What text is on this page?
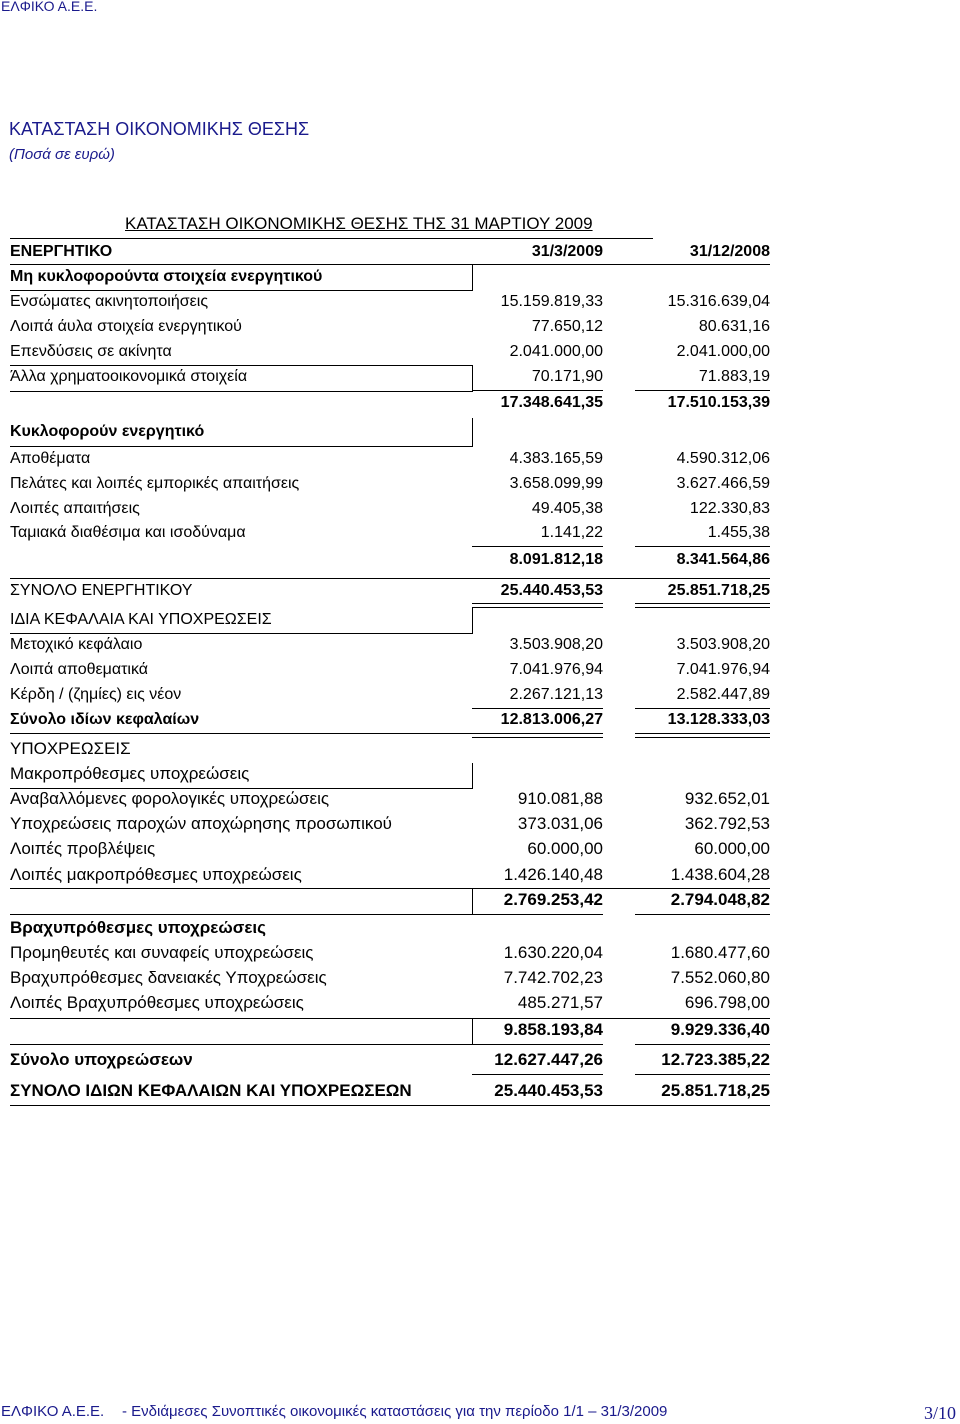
ΕΛΦΙΚΟ Α.Ε.Ε.
ΚΑΤΑΣΤΑΣΗ ΟΙΚΟΝΟΜΙΚΗΣ ΘΕΣΗΣ
(Ποσά σε ευρώ)
ΚΑΤΑΣΤΑΣΗ ΟΙΚΟΝΟΜΙΚΗΣ ΘΕΣΗΣ ΤΗΣ 31 ΜΑΡΤΙΟΥ 2009
ΕΝΕΡΓΗΤΙΚΟ	31/3/2009	31/12/2008
Μη κυκλοφορούντα στοιχεία ενεργητικού
Ενσώματες ακινητοποιήσεις	15.159.819,33	15.316.639,04
Λοιπά άυλα στοιχεία ενεργητικού	77.650,12	80.631,16
Επενδύσεις σε ακίνητα	2.041.000,00	2.041.000,00
Άλλα χρηματοοικονομικά στοιχεία	70.171,90	71.883,19
17.348.641,35	17.510.153,39
Κυκλοφορούν ενεργητικό
Αποθέματα	4.383.165,59	4.590.312,06
Πελάτες και λοιπές εμπορικές απαιτήσεις	3.658.099,99	3.627.466,59
Λοιπές απαιτήσεις	49.405,38	122.330,83
Ταμιακά διαθέσιμα και ισοδύναμα	1.141,22	1.455,38
8.091.812,18	8.341.564,86
ΣΥΝΟΛΟ ΕΝΕΡΓΗΤΙΚΟΥ	25.440.453,53	25.851.718,25
ΙΔΙΑ ΚΕΦΑΛΑΙΑ ΚΑΙ ΥΠΟΧΡΕΩΣΕΙΣ
Μετοχικό κεφάλαιο	3.503.908,20	3.503.908,20
Λοιπά αποθεματικά	7.041.976,94	7.041.976,94
Κέρδη / (ζημίες) εις νέον	2.267.121,13	2.582.447,89
Σύνολο ιδίων κεφαλαίων	12.813.006,27	13.128.333,03
ΥΠΟΧΡΕΩΣΕΙΣ
Μακροπρόθεσμες υποχρεώσεις
Αναβαλλόμενες φορολογικές υποχρεώσεις	910.081,88	932.652,01
Υποχρεώσεις παροχών αποχώρησης προσωπικού	373.031,06	362.792,53
Λοιπές προβλέψεις	60.000,00	60.000,00
Λοιπές μακροπρόθεσμες υποχρεώσεις	1.426.140,48	1.438.604,28
2.769.253,42	2.794.048,82
Βραχυπρόθεσμες υποχρεώσεις
Προμηθευτές και συναφείς υποχρεώσεις	1.630.220,04	1.680.477,60
Βραχυπρόθεσμες δανειακές Υποχρεώσεις	7.742.702,23	7.552.060,80
Λοιπές Βραχυπρόθεσμες υποχρεώσεις	485.271,57	696.798,00
9.858.193,84	9.929.336,40
Σύνολο υποχρεώσεων	12.627.447,26	12.723.385,22
ΣΥΝΟΛΟ ΙΔΙΩΝ ΚΕΦΑΛΑΙΩΝ ΚΑΙ ΥΠΟΧΡΕΩΣΕΩΝ	25.440.453,53	25.851.718,25
ΕΛΦΙΚΟ Α.Ε.Ε. - Ενδιάμεσες Συνοπτικές οικονομικές καταστάσεις για την περίοδο 1/1 – 31/3/2009	3/10
